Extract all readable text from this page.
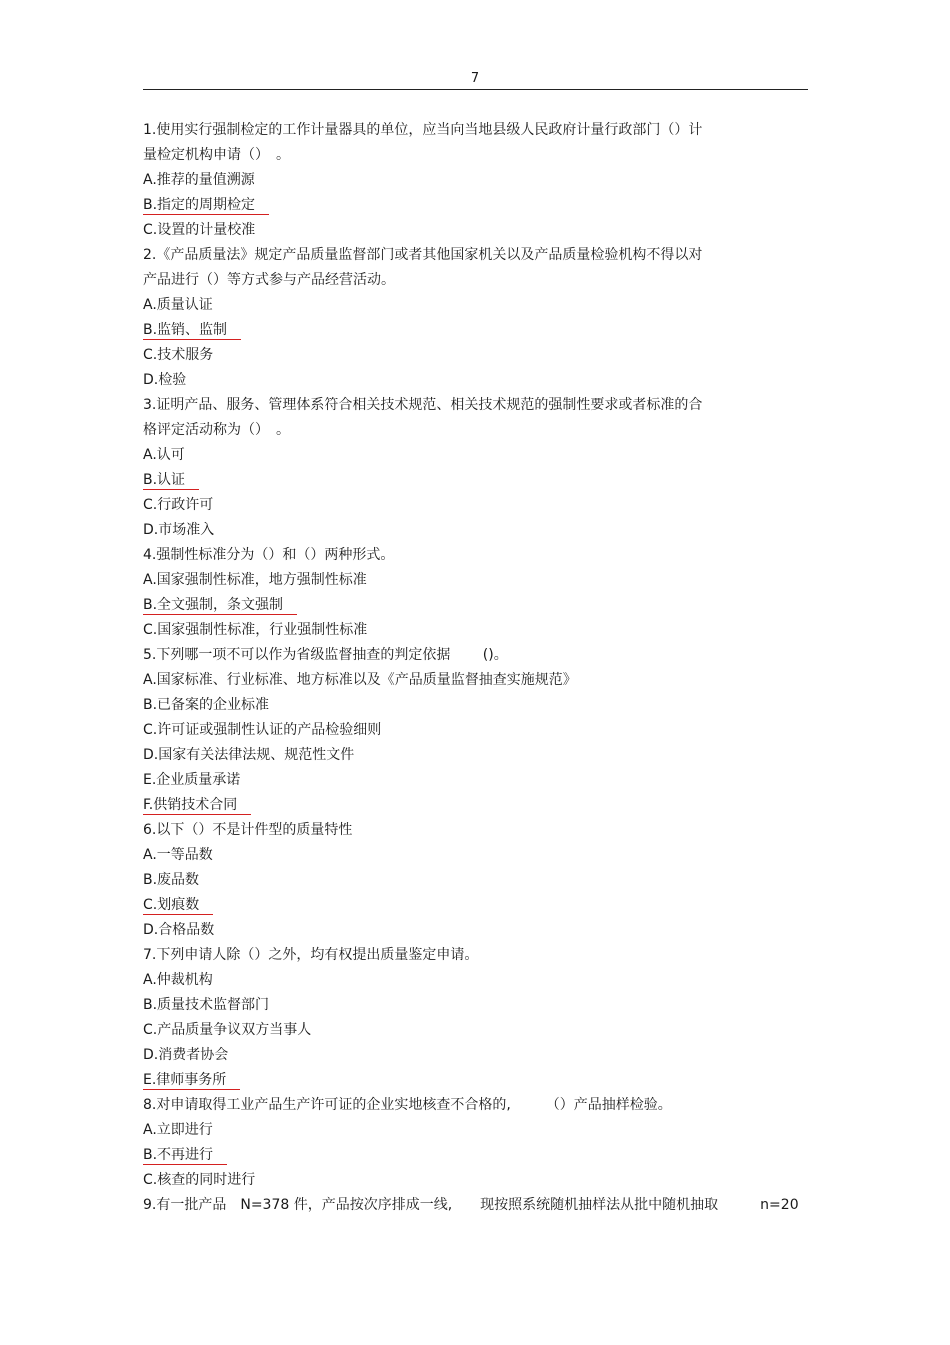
7
1.使用实行强制检定的工作计量器具的单位，应当向当地县级人民政府计量行政部门（）计
量检定机构申请（）　。
A.推荐的量值溯源
B.指定的周期检定
C.设置的计量校准
2.《产品质量法》规定产品质量监督部门或者其他国家机关以及产品质量检验机构不得以对
产品进行（）等方式参与产品经营活动。
A.质量认证
B.监销、监制
C.技术服务
D.检验
3.证明产品、服务、管理体系符合相关技术规范、相关技术规范的强制性要求或者标准的合
格评定活动称为（）　。
A.认可
B.认证
C.行政许可
D.市场准入
4.强制性标准分为（）和（）两种形式。
A.国家强制性标准，地方强制性标准
B.全文强制，条文强制
C.国家强制性标准，行业强制性标准
5.下列哪一项不可以作为省级监督抽查的判定依据　　 ()。
A.国家标准、行业标准、地方标准以及《产品质量监督抽查实施规范》
B.已备案的企业标准
C.许可证或强制性认证的产品检验细则
D.国家有关法律法规、规范性文件
E.企业质量承诺
F.供销技术合同
6.以下（）不是计件型的质量特性
A.一等品数
B.废品数
C.划痕数
D.合格品数
7.下列申请人除（）之外，均有权提出质量鉴定申请。
A.仲裁机构
B.质量技术监督部门
C.产品质量争议双方当事人
D.消费者协会
E.律师事务所
8.对申请取得工业产品生产许可证的企业实地核查不合格的,　　　（）产品抽样检验。
A.立即进行
B.不再进行
C.核查的同时进行
9.有一批产品　N=378 件，产品按次序排成一线,　　现按照系统随机抽样法从批中随机抽取　　　n=20
